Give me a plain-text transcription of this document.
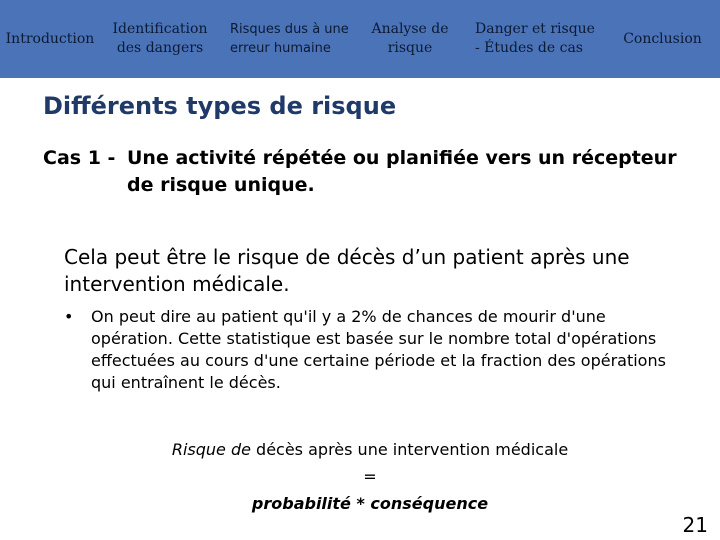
Introduction
Identification
des dangers
Risques dus à une
erreur humaine
Analyse de
risque
Danger et risque
- Études de cas
Conclusion
Différents types de risque
Cas 1 - Une activité répétée ou planifiée vers un récepteur
de risque unique.

Cela peut être le risque de décès d’un patient après une intervention médicale.

• On peut dire au patient qu'il y a 2% de chances de mourir d'une opération. Cette statistique est basée sur le nombre total d'opérations effectuées au cours d'une certaine période et la fraction des opérations qui entraînent le décès.
Risque de décès après une intervention médicale
=
probabilité * conséquence
21
